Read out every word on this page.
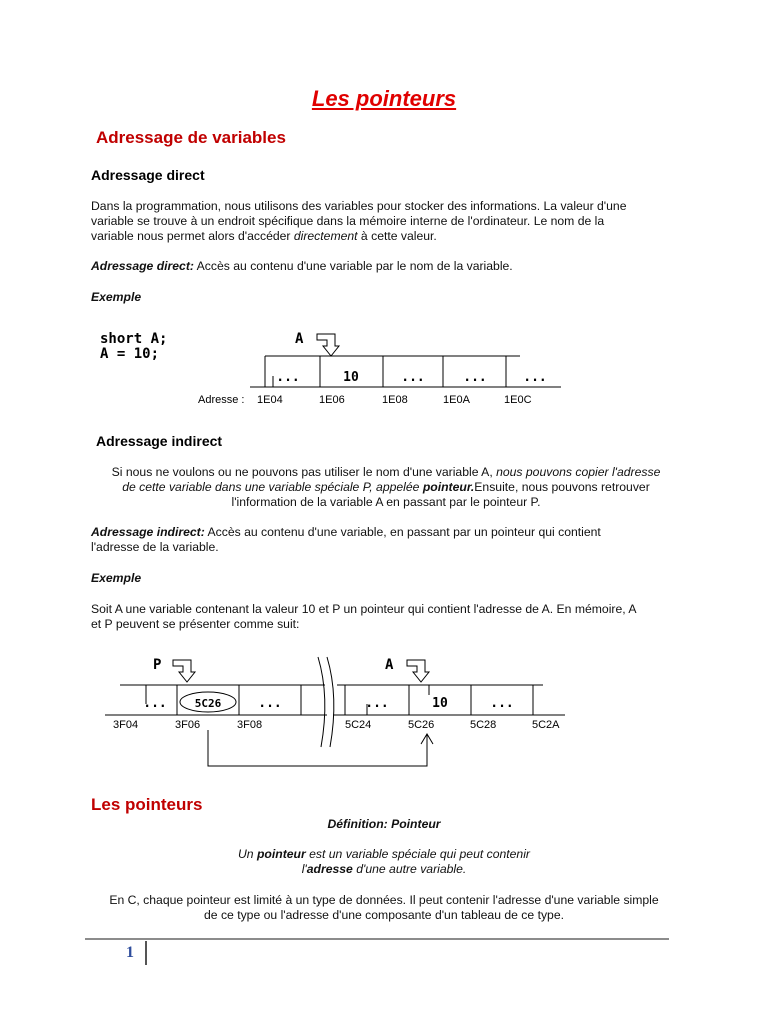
Les pointeurs
Adressage de variables
Adressage direct
Dans la programmation, nous utilisons des variables pour stocker des informations. La valeur d'une
variable se trouve à un endroit spécifique dans la mémoire interne de l'ordinateur. Le nom de la
variable nous permet alors d'accéder directement à cette valeur.
Adressage direct: Accès au contenu d'une variable par le nom de la variable.
Exemple
short A;
A = 10;
A
...	10	...	...	...
Adresse : 1E04	1E06	1E08	1E0A	1E0C
Adressage indirect
Si nous ne voulons ou ne pouvons pas utiliser le nom d'une variable A, nous pouvons copier l'adresse
de cette variable dans une variable spéciale P, appelée pointeur.Ensuite, nous pouvons retrouver
l'information de la variable A en passant par le pointeur P.
Adressage indirect: Accès au contenu d'une variable, en passant par un pointeur qui contient
l'adresse de la variable.
Exemple
Soit A une variable contenant la valeur 10 et P un pointeur qui contient l'adresse de A. En mémoire, A
et P peuvent se présenter comme suit:
P	A
...	5C26	...	...	10	...
3F04	3F06	3F08	5C24	5C26	5C28	5C2A
Les pointeurs
Définition: Pointeur
Un pointeur est un variable spéciale qui peut contenir
l'adresse d'une autre variable.
En C, chaque pointeur est limité à un type de données. Il peut contenir l'adresse d'une variable simple
de ce type ou l'adresse d'une composante d'un tableau de ce type.
1
